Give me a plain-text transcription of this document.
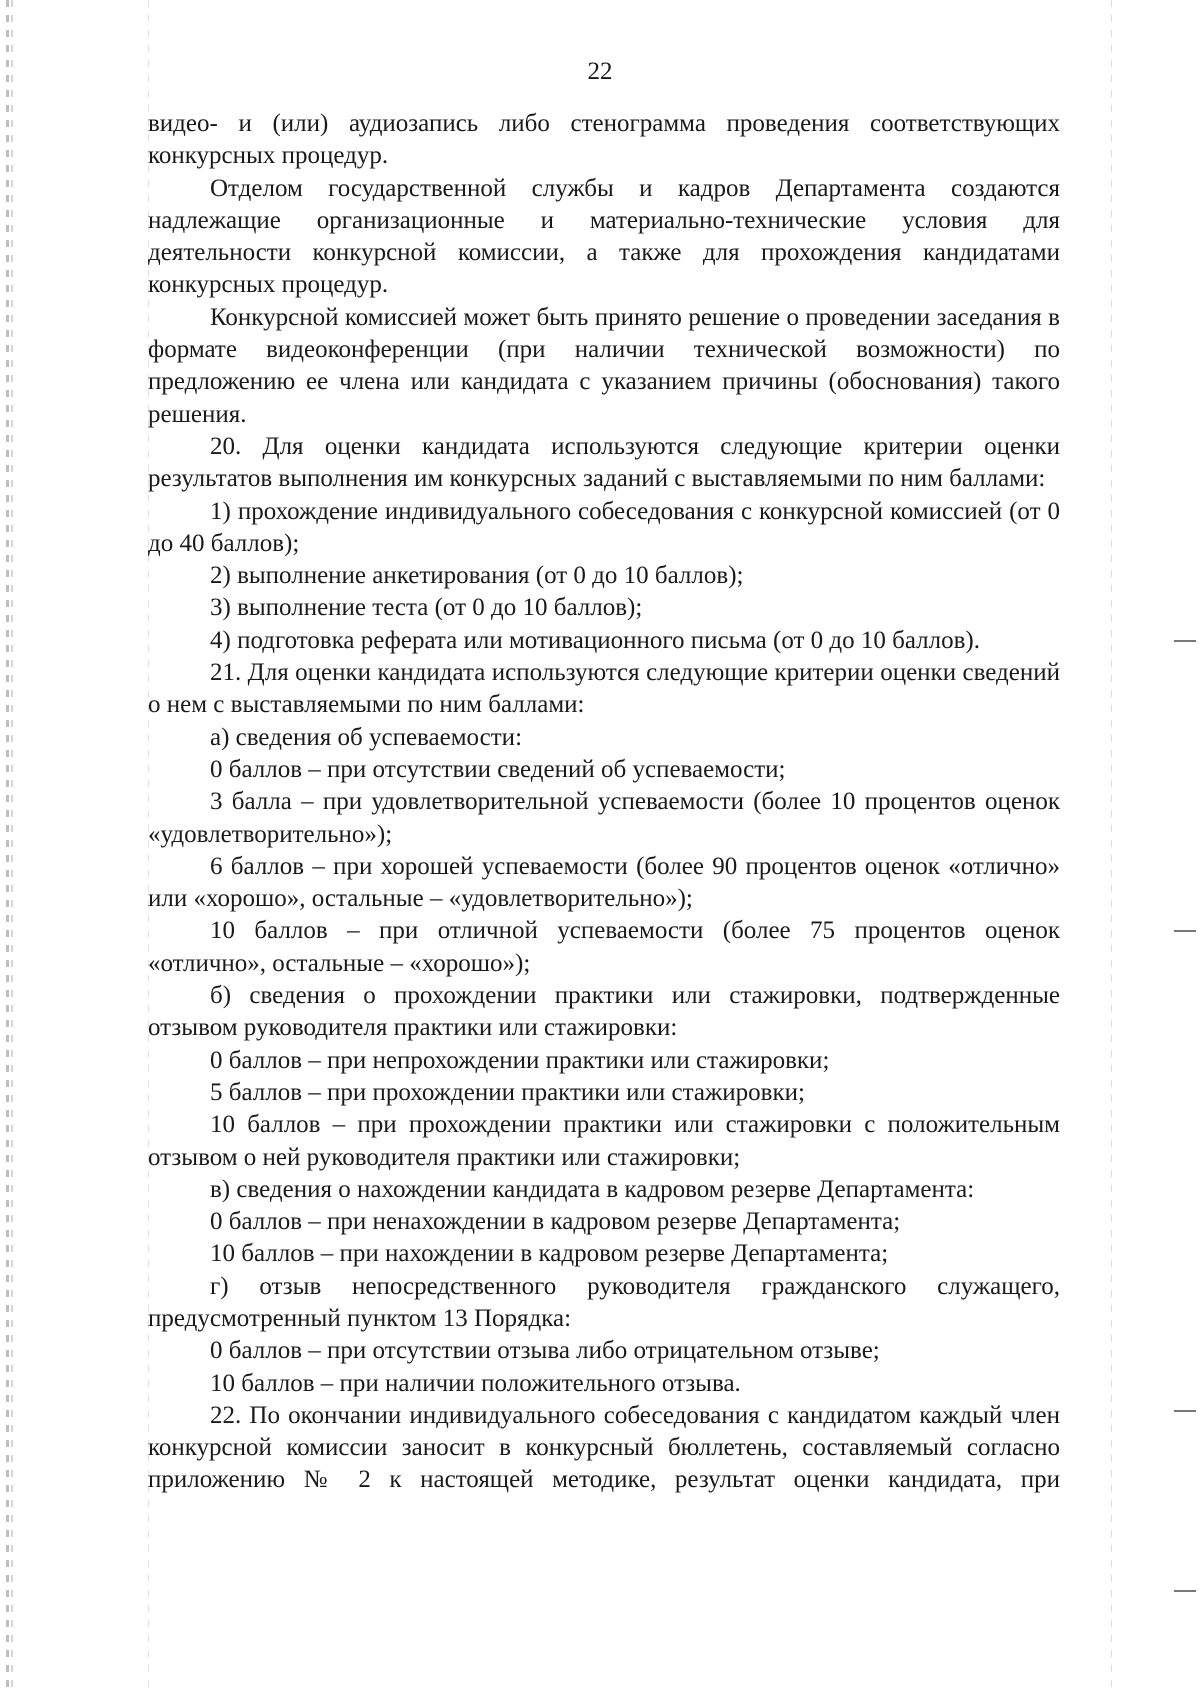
22

видео- и (или) аудиозапись либо стенограмма проведения соответствующих конкурсных процедур.

Отделом государственной службы и кадров Департамента создаются надлежащие организационные и материально-технические условия для деятельности конкурсной комиссии, а также для прохождения кандидатами конкурсных процедур.

Конкурсной комиссией может быть принято решение о проведении заседания в формате видеоконференции (при наличии технической возможности) по предложению ее члена или кандидата с указанием причины (обоснования) такого решения.

20. Для оценки кандидата используются следующие критерии оценки результатов выполнения им конкурсных заданий с выставляемыми по ним баллами:

1) прохождение индивидуального собеседования с конкурсной комиссией (от 0 до 40 баллов);

2) выполнение анкетирования (от 0 до 10 баллов);

3) выполнение теста (от 0 до 10 баллов);

4) подготовка реферата или мотивационного письма (от 0 до 10 баллов).

21. Для оценки кандидата используются следующие критерии оценки сведений о нем с выставляемыми по ним баллами:

а) сведения об успеваемости:

0 баллов – при отсутствии сведений об успеваемости;

3 балла – при удовлетворительной успеваемости (более 10 процентов оценок «удовлетворительно»);

6 баллов – при хорошей успеваемости (более 90 процентов оценок «отлично» или «хорошо», остальные – «удовлетворительно»);

10 баллов – при отличной успеваемости (более 75 процентов оценок «отлично», остальные – «хорошо»);

б) сведения о прохождении практики или стажировки, подтвержденные отзывом руководителя практики или стажировки:

0 баллов – при непрохождении практики или стажировки;

5 баллов – при прохождении практики или стажировки;

10 баллов – при прохождении практики или стажировки с положительным отзывом о ней руководителя практики или стажировки;

в) сведения о нахождении кандидата в кадровом резерве Департамента:

0 баллов – при ненахождении в кадровом резерве Департамента;

10 баллов – при нахождении в кадровом резерве Департамента;

г) отзыв непосредственного руководителя гражданского служащего, предусмотренный пунктом 13 Порядка:

0 баллов – при отсутствии отзыва либо отрицательном отзыве;

10 баллов – при наличии положительного отзыва.

22. По окончании индивидуального собеседования с кандидатом каждый член конкурсной комиссии заносит в конкурсный бюллетень, составляемый согласно приложению № 2 к настоящей методике, результат оценки кандидата, при
